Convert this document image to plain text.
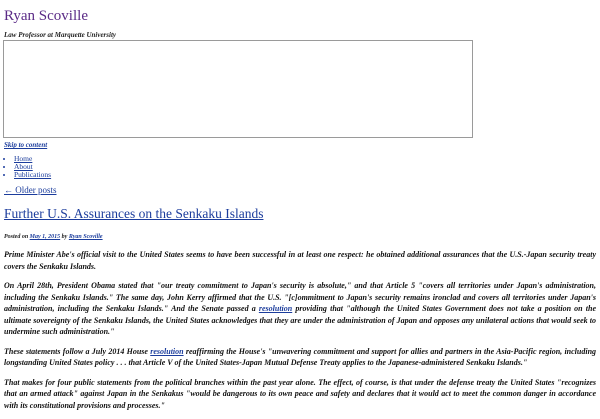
Ryan Scoville

Law Professor at Marquette University

Skip to content
• Home
• About
• Publications
← Older posts
Further U.S. Assurances on the Senkaku Islands
Posted on May 1, 2015 by Ryan Scoville

Prime Minister Abe's official visit to the United States seems to have been successful in at least one respect: he obtained additional assurances that the U.S.-Japan security treaty covers the Senkaku Islands.

On April 28th, President Obama stated that "our treaty commitment to Japan's security is absolute," and that Article 5 "covers all territories under Japan's administration, including the Senkaku Islands." The same day, John Kerry affirmed that the U.S. "[c]ommitment to Japan's security remains ironclad and covers all territories under Japan's administration, including the Senkaku Islands." And the Senate passed a resolution providing that "although the United States Government does not take a position on the ultimate sovereignty of the Senkaku Islands, the United States acknowledges that they are under the administration of Japan and opposes any unilateral actions that would seek to undermine such administration."

These statements follow a July 2014 House resolution reaffirming the House's "unwavering commitment and support for allies and partners in the Asia-Pacific region, including longstanding United States policy . . . that Article V of the United States-Japan Mutual Defense Treaty applies to the Japanese-administered Senkaku Islands."

That makes for four public statements from the political branches within the past year alone. The effect, of course, is that under the defense treaty the United States "recognizes that an armed attack" against Japan in the Senkakus "would be dangerous to its own peace and safety and declares that it would act to meet the common danger in accordance with its constitutional provisions and processes."
